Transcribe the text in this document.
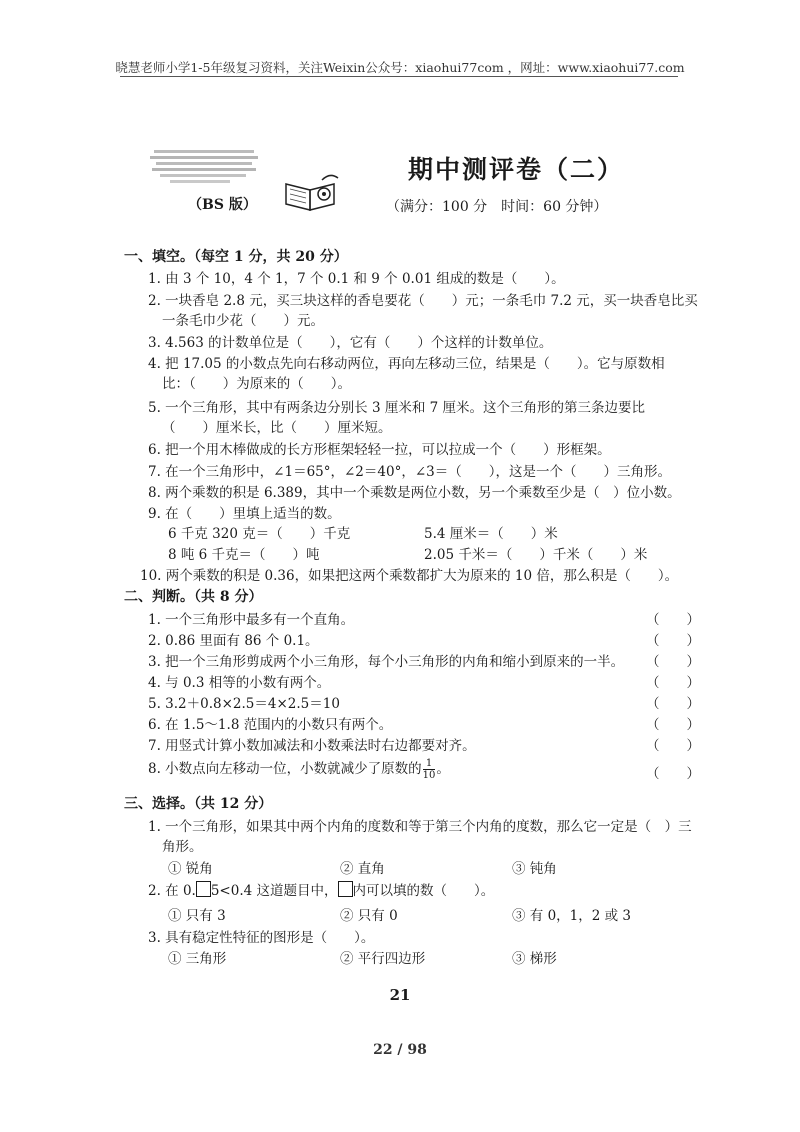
晓慧老师小学1-5年级复习资料，关注Weixin公众号：xiaohui77com ，网址：www.xiaohui77.com
期中测评卷（二）
（BS 版）	（满分：100 分　时间：60 分钟）
一、填空。（每空 1 分，共 20 分）
1. 由 3 个 10，4 个 1，7 个 0.1 和 9 个 0.01 组成的数是（　　）。
2. 一块香皂 2.8 元，买三块这样的香皂要花（　　）元；一条毛巾 7.2 元，买一块香皂比买
一条毛巾少花（　　）元。
3. 4.563 的计数单位是（　　），它有（　　）个这样的计数单位。
4. 把 17.05 的小数点先向右移动两位，再向左移动三位，结果是（　　）。它与原数相
比：（　　）为原来的（　　）。
5. 一个三角形，其中有两条边分别长 3 厘米和 7 厘米。这个三角形的第三条边要比
（　　）厘米长，比（　　）厘米短。
6. 把一个用木棒做成的长方形框架轻轻一拉，可以拉成一个（　　）形框架。
7. 在一个三角形中，∠1＝65°，∠2＝40°，∠3＝（　　），这是一个（　　）三角形。
8. 两个乘数的积是 6.389，其中一个乘数是两位小数，另一个乘数至少是（　）位小数。
9. 在（　　）里填上适当的数。
6 千克 320 克＝（　　）千克	5.4 厘米＝（　　）米
8 吨 6 千克＝（　　）吨	2.05 千米＝（　　）千米（　　）米
10. 两个乘数的积是 0.36，如果把这两个乘数都扩大为原来的 10 倍，那么积是（　　）。
二、判断。（共 8 分）
1. 一个三角形中最多有一个直角。	（　　）
2. 0.86 里面有 86 个 0.1。	（　　）
3. 把一个三角形剪成两个小三角形，每个小三角形的内角和缩小到原来的一半。 （　　）
4. 与 0.3 相等的小数有两个。	（　　）
5. 3.2＋0.8×2.5＝4×2.5＝10	（　　）
6. 在 1.5～1.8 范围内的小数只有两个。	（　　）
7. 用竖式计算小数加减法和小数乘法时右边都要对齐。	（　　）
8. 小数点向左移动一位，小数就减少了原数的 $\frac{1}{10}$ 。	（　　）
三、选择。（共 12 分）
1. 一个三角形，如果其中两个内角的度数和等于第三个内角的度数，那么它一定是（　）三
角形。
① 锐角	② 直角	③ 钝角
2. 在 0. 5<0.4 这道题目中， 内可以填的数（　　）。
① 只有 3	② 只有 0	③ 有 0，1，2 或 3
3. 具有稳定性特征的图形是（　　）。
① 三角形	② 平行四边形	③ 梯形
21
22 / 98
